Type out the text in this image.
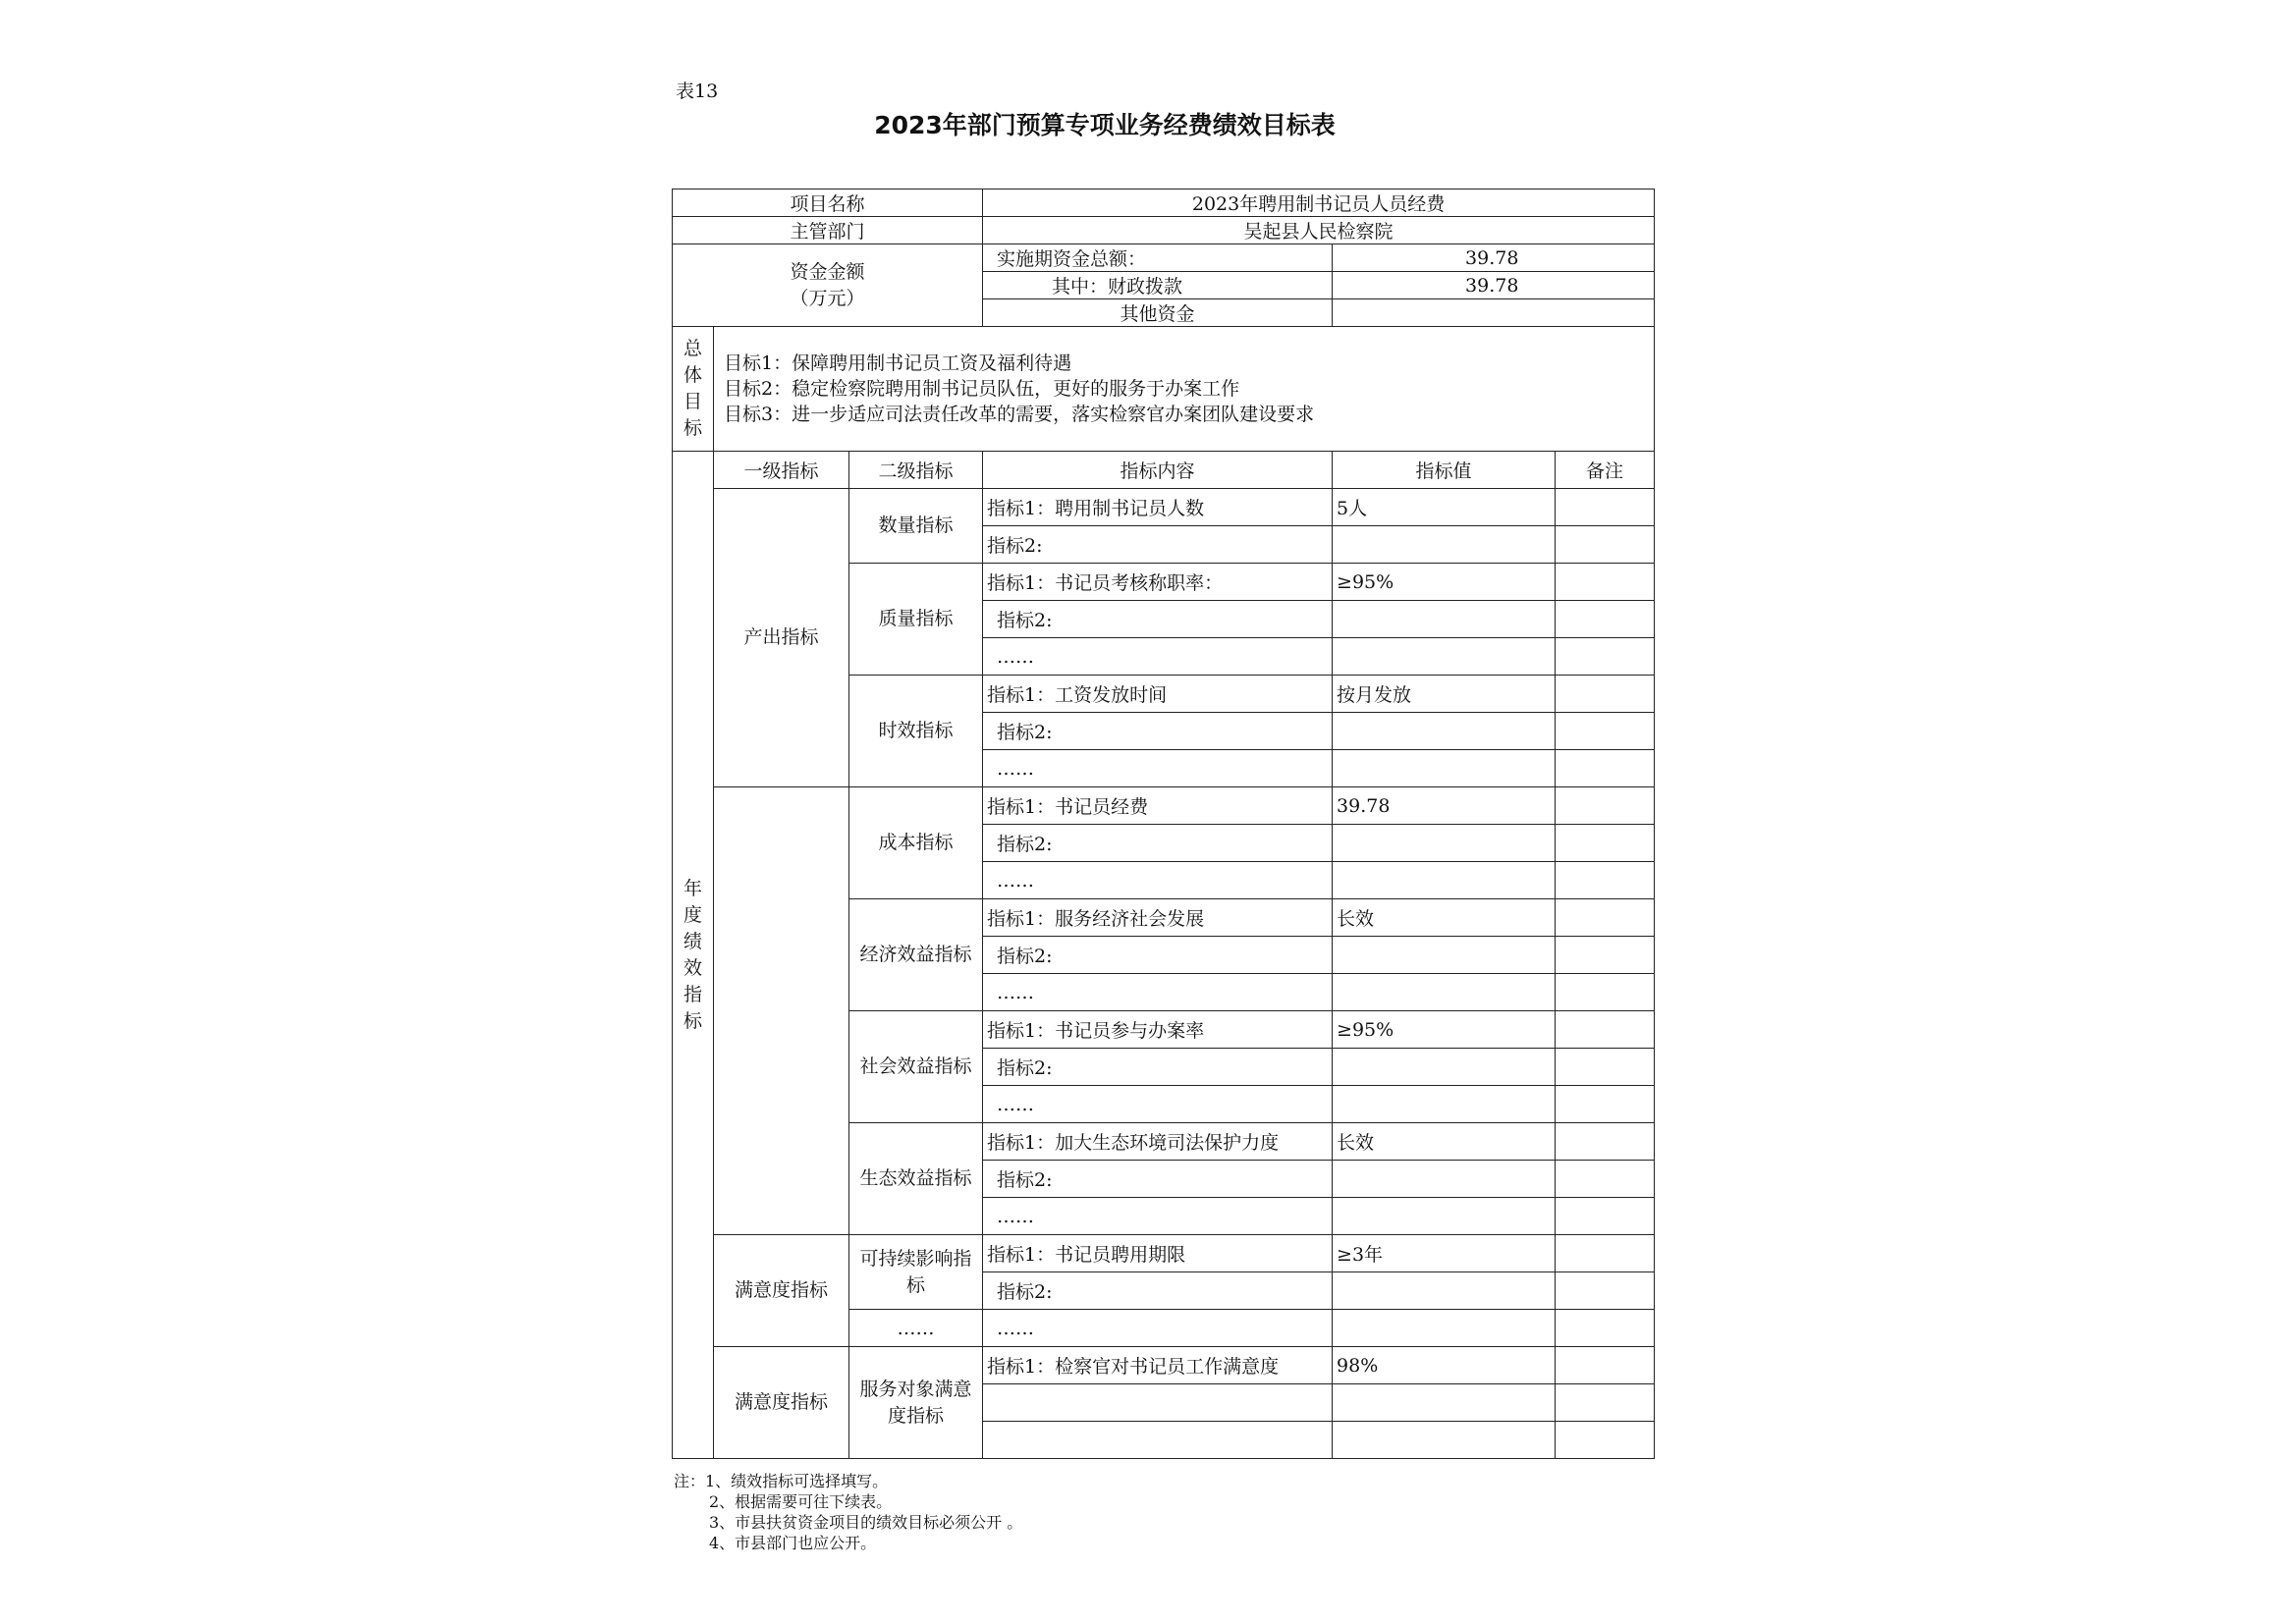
表13
2023年部门预算专项业务经费绩效目标表
项目名称			2023年聘用制书记员人员经费		
主管部门			吴起县人民检察院		

资金金额
（万元）			实施期资金总额：	39.78	
			其中：财政拨款	39.78	
			其他资金		
总体目标	目标1：保障聘用制书记员工资及福利待遇
目标2：稳定检察院聘用制书记员队伍，更好的服务于办案工作
目标3：进一步适应司法责任改革的需要，落实检察官办案团队建设要求				

年度绩效指标	一级指标	二级指标	指标内容	指标值	备注
	产出指标	数量指标	指标1：聘用制书记员人数	5人	
			指标2:		
		质量指标	指标1：书记员考核称职率：	≥95%	
			指标2:		
			……		
		时效指标	指标1：工资发放时间	按月发放	
			指标2:		
			……		
		成本指标	指标1：书记员经费	39.78	
			指标2:		
			……		
		经济效益指标	指标1：服务经济社会发展	长效	
			指标2:		
			……		
		社会效益指标	指标1：书记员参与办案率	≥95%	
			指标2:		
			……		
		生态效益指标	指标1：加大生态环境司法保护力度	长效	
			指标2:		
			……		
	满意度指标	可持续影响指标	指标1：书记员聘用期限	≥3年	
			指标2:		
		……	……		
	满意度指标	服务对象满意度指标	指标1：检察官对书记员工作满意度	98%	

注：1、绩效指标可选择填写。
2、根据需要可往下续表。
3、市县扶贫资金项目的绩效目标必须公开 。
4、市县部门也应公开。
